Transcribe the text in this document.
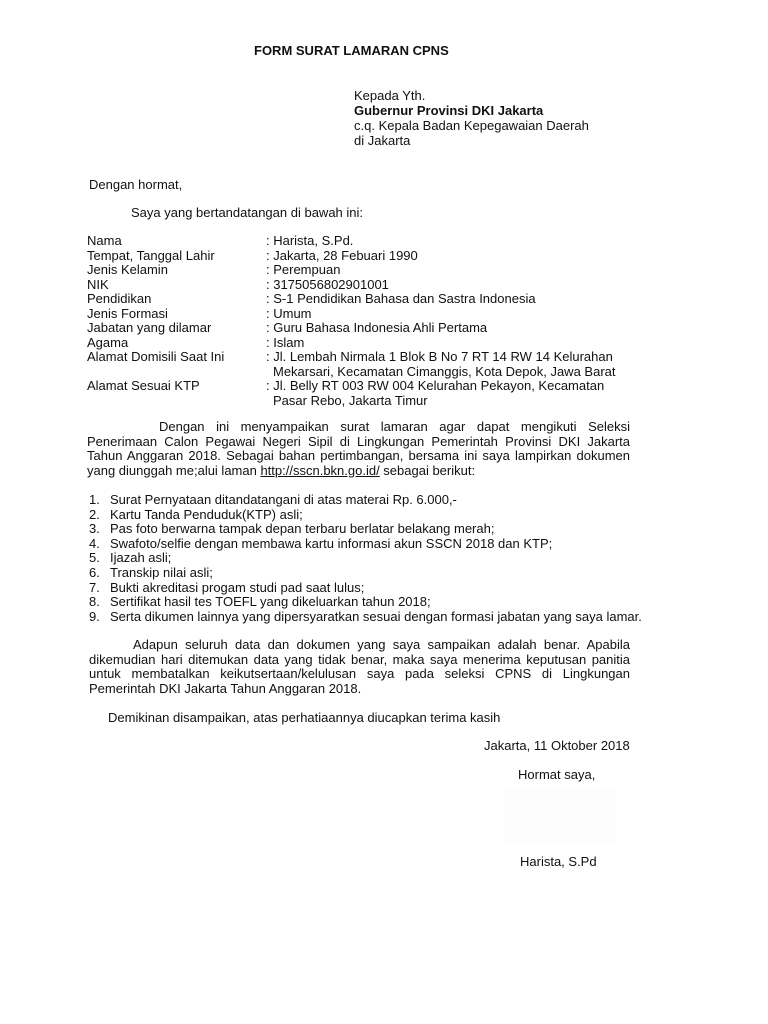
FORM SURAT LAMARAN CPNS
Kepada Yth.
Gubernur Provinsi DKI Jakarta
c.q. Kepala Badan Kepegawaian Daerah
di Jakarta
Dengan hormat,
Saya yang bertandatangan di bawah ini:
Nama	: Harista, S.Pd.
Tempat, Tanggal Lahir	: Jakarta, 28 Febuari 1990
Jenis Kelamin	: Perempuan
NIK	: 3175056802901001
Pendidikan	: S-1 Pendidikan Bahasa dan Sastra Indonesia
Jenis Formasi	: Umum
Jabatan yang dilamar	: Guru Bahasa Indonesia Ahli Pertama
Agama	: Islam
Alamat Domisili Saat Ini	: Jl. Lembah Nirmala 1 Blok B No 7 RT 14 RW 14 Kelurahan
Mekarsari, Kecamatan Cimanggis, Kota Depok, Jawa Barat
Alamat Sesuai KTP	: Jl. Belly RT 003 RW 004 Kelurahan Pekayon, Kecamatan
Pasar Rebo, Jakarta Timur
Dengan ini menyampaikan surat lamaran agar dapat mengikuti Seleksi Penerimaan Calon Pegawai Negeri Sipil di Lingkungan Pemerintah Provinsi DKI Jakarta Tahun Anggaran 2018. Sebagai bahan pertimbangan, bersama ini saya lampirkan dokumen yang diunggah me;alui laman http://sscn.bkn.go.id/ sebagai berikut:
1. Surat Pernyataan ditandatangani di atas materai Rp. 6.000,-
2. Kartu Tanda Penduduk(KTP) asli;
3. Pas foto berwarna tampak depan terbaru berlatar belakang merah;
4. Swafoto/selfie dengan membawa kartu informasi akun SSCN 2018 dan KTP;
5. Ijazah asli;
6. Transkip nilai asli;
7. Bukti akreditasi progam studi pad saat lulus;
8. Sertifikat hasil tes TOEFL yang dikeluarkan tahun 2018;
9. Serta dikumen lainnya yang dipersyaratkan sesuai dengan formasi jabatan yang saya lamar.
Adapun seluruh data dan dokumen yang saya sampaikan adalah benar. Apabila dikemudian hari ditemukan data yang tidak benar, maka saya menerima keputusan panitia untuk membatalkan keikutsertaan/kelulusan saya pada seleksi CPNS di Lingkungan Pemerintah DKI Jakarta Tahun Anggaran 2018.
Demikinan disampaikan, atas perhatiaannya diucapkan terima kasih
Jakarta, 11 Oktober 2018
Hormat saya,
Harista, S.Pd
